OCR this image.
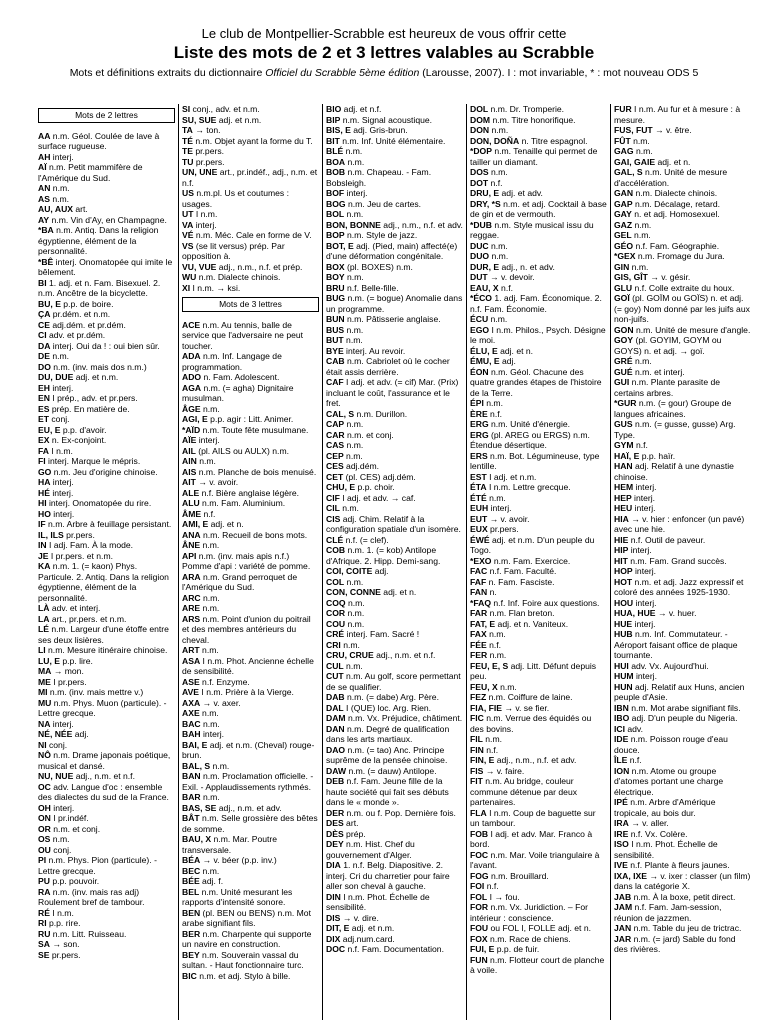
Le club de Montpellier-Scrabble est heureux de vous offrir cette
Liste des mots de 2 et 3 lettres valables au Scrabble
Mots et définitions extraits du dictionnaire Officiel du Scrabble 5ème édition (Larousse, 2007). I : mot invariable, * : mot nouveau ODS 5
Mots de 2 lettres
AA n.m. Géol. Coulée de lave à surface rugueuse.
AH interj.
AÏ n.m. Petit mammifère de l'Amérique du Sud.
AN n.m.
AS n.m.
AU, AUX art.
AY n.m. Vin d'Ay, en Champagne.
*BA n.m. Antiq. Dans la religion égyptienne, élément de la personnalité.
*BÊ interj. Onomatopée qui imite le bêlement.
BI 1. adj. et n. Fam. Bisexuel. 2. n.m. Ancêtre de la bicyclette.
BU, E p.p. de boire.
ÇA pr.dém. et n.m.
CE adj.dém. et pr.dém.
CI adv. et pr.dém.
DA interj. Oui da ! : oui bien sûr.
DE n.m.
DO n.m. (inv. mais dos n.m.)
DU, DUE adj. et n.m.
EH interj.
EN I prép., adv. et pr.pers.
ES prép. En matière de.
ET conj.
EU, E p.p. d'avoir.
EX n. Ex-conjoint.
FA I n.m.
FI interj. Marque le mépris.
GO n.m. Jeu d'origine chinoise.
HA interj.
HÉ interj.
HI interj. Onomatopée du rire.
HO interj.
IF n.m. Arbre à feuillage persistant.
IL, ILS pr.pers.
IN I adj. Fam. À la mode.
JE I pr.pers. et n.m.
KA n.m. 1. (= kaon) Phys. Particule. 2. Antiq. Dans la religion égyptienne, élément de la personnalité.
LÀ adv. et interj.
LA art., pr.pers. et n.m.
LÉ n.m. Largeur d'une étoffe entre ses deux lisières.
LI n.m. Mesure itinéraire chinoise.
LU, E p.p. lire.
MA → mon.
ME I pr.pers.
MI n.m. (inv. mais mettre v.)
MU n.m. Phys. Muon (particule). - Lettre grecque.
NA interj.
NÉ, NÉE adj.
NI conj.
NÔ n.m. Drame japonais poétique, musical et dansé.
NU, NUE adj., n.m. et n.f.
OC adv. Langue d'oc : ensemble des dialectes du sud de la France.
OH interj.
ON I pr.indéf.
OR n.m. et conj.
OS n.m.
OU conj.
PI n.m. Phys. Pion (particule). - Lettre grecque.
PU p.p. pouvoir.
RA n.m. (inv. mais ras adj) Roulement bref de tambour.
RÉ I n.m.
RI p.p. rire.
RU n.m. Litt. Ruisseau.
SA → son.
SE pr.pers.
SI conj., adv. et n.m.
SU, SUE adj. et n.m.
TA → ton.
TÉ n.m. Objet ayant la forme du T.
TE pr.pers.
TU pr.pers.
UN, UNE art., pr.indéf., adj., n.m. et n.f.
US n.m.pl. Us et coutumes : usages.
UT I n.m.
VA interj.
VÉ n.m. Méc. Cale en forme de V.
VS (se lit versus) prép. Par opposition à.
VU, VUE adj., n.m., n.f. et prép.
WU n.m. Dialecte chinois.
XI I n.m. → ksi.
Mots de 3 lettres
ACE n.m. Au tennis, balle de service que l'adversaire ne peut toucher.
ADA n.m. Inf. Langage de programmation.
ADO n. Fam. Adolescent.
AGA n.m. (= agha) Dignitaire musulman.
ÂGE n.m.
AGI, E p.p. agir : Litt. Animer.
*AÏD n.m. Toute fête musulmane.
AÏE interj.
AIL (pl. AILS ou AULX) n.m.
AIN n.m.
AIS n.m. Planche de bois menuisé.
AIT → v. avoir.
ALE n.f. Bière anglaise légère.
ALU n.m. Fam. Aluminium.
ÂME n.f.
AMI, E adj. et n.
ANA n.m. Recueil de bons mots.
ÂNE n.m.
API n.m. (inv. mais apis n.f.) Pomme d'api : variété de pomme.
ARA n.m. Grand perroquet de l'Amérique du Sud.
ARC n.m.
ARE n.m.
ARS n.m. Point d'union du poitrail et des membres antérieurs du cheval.
ART n.m.
ASA I n.m. Phot. Ancienne échelle de sensibilité.
ASE n.f. Enzyme.
AVE I n.m. Prière à la Vierge.
AXA → v. axer.
AXE n.m.
BAC n.m.
BAH interj.
BAI, E adj. et n.m. (Cheval) rouge-brun.
BAL, S n.m.
BAN n.m. Proclamation officielle. - Exil. - Applaudissements rythmés.
BAR n.m.
BAS, SE adj., n.m. et adv.
BÂT n.m. Selle grossière des bêtes de somme.
BAU, X n.m. Mar. Poutre transversale.
BÉA → v. béer (p.p. inv.)
BEC n.m.
BÉE adj. f.
BEL n.m. Unité mesurant les rapports d'intensité sonore.
BEN (pl. BEN ou BENS) n.m. Mot arabe signifiant fils.
BER n.m. Charpente qui supporte un navire en construction.
BEY n.m. Souverain vassal du sultan. - Haut fonctionnaire turc.
BIC n.m. et adj. Stylo à bille.
BIO adj. et n.f.
BIP n.m. Signal acoustique.
BIS, E adj. Gris-brun.
BIT n.m. Inf. Unité élémentaire.
BLÉ n.m.
BOA n.m.
BOB n.m. Chapeau. - Fam. Bobsleigh.
BOF interj.
BOG n.m. Jeu de cartes.
BOL n.m.
BON, BONNE adj., n.m., n.f. et adv.
BOP n.m. Style de jazz.
BOT, E adj. (Pied, main) affecté(e) d'une déformation congénitale.
BOX (pl. BOXES) n.m.
BOY n.m.
BRU n.f. Belle-fille.
BUG n.m. (= bogue) Anomalie dans un programme.
BUN n.m. Pâtisserie anglaise.
BUS n.m.
BUT n.m.
BYE interj. Au revoir.
CAB n.m. Cabriolet où le cocher était assis derrière.
CAF I adj. et adv. (= cif) Mar. (Prix) incluant le coût, l'assurance et le fret.
CAL, S n.m. Durillon.
CAP n.m.
CAR n.m. et conj.
CAS n.m.
CEP n.m.
CES adj.dém.
CET (pl. CES) adj.dém.
CHU, E p.p. choir.
CIF I adj. et adv. → caf.
CIL n.m.
CIS adj. Chim. Relatif à la configuration spatiale d'un isomère.
CLÉ n.f. (= clef).
COB n.m. 1. (= kob) Antilope d'Afrique. 2. Hipp. Demi-sang.
COI, COITE adj.
COL n.m.
CON, CONNE adj. et n.
COQ n.m.
COR n.m.
COU n.m.
CRÉ interj. Fam. Sacré !
CRI n.m.
CRU, CRUE adj., n.m. et n.f.
CUL n.m.
CUT n.m. Au golf, score permettant de se qualifier.
DAB n.m. (= dabe) Arg. Père.
DAL I (QUE) loc. Arg. Rien.
DAM n.m. Vx. Préjudice, châtiment.
DAN n.m. Degré de qualification dans les arts martiaux.
DAO n.m. (= tao) Anc. Principe suprême de la pensée chinoise.
DAW n.m. (= dauw) Antilope.
DEB n.f. Fam. Jeune fille de la haute société qui fait ses débuts dans le « monde ».
DER n.m. ou f. Pop. Dernière fois.
DES art.
DÈS prép.
DEY n.m. Hist. Chef du gouvernement d'Alger.
DIA 1. n.f. Belg. Diapositive. 2. interj. Cri du charretier pour faire aller son cheval à gauche.
DIN I n.m. Phot. Échelle de sensibilité.
DIS → v. dire.
DIT, E adj. et n.m.
DIX adj.num.card.
DOC n.f. Fam. Documentation.
DOL n.m. Dr. Tromperie.
DOM n.m. Titre honorifique.
DON n.m.
DON, DOÑA n. Titre espagnol.
*DOP n.m. Tenaille qui permet de tailler un diamant.
DOS n.m.
DOT n.f.
DRU, E adj. et adv.
DRY, *S n.m. et adj. Cocktail à base de gin et de vermouth.
*DUB n.m. Style musical issu du reggae.
DUC n.m.
DUO n.m.
DUR, E adj., n. et adv.
DUT → v. devoir.
EAU, X n.f.
*ÉCO 1. adj. Fam. Économique. 2. n.f. Fam. Économie.
ÉCU n.m.
EGO I n.m. Philos., Psych. Désigne le moi.
ÉLU, E adj. et n.
ÉMU, E adj.
ÉON n.m. Géol. Chacune des quatre grandes étapes de l'histoire de la Terre.
ÉPI n.m.
ÈRE n.f.
ERG n.m. Unité d'énergie.
ERG (pl. AREG ou ERGS) n.m. Étendue désertique.
ERS n.m. Bot. Légumineuse, type lentille.
EST I adj. et n.m.
ÉTA I n.m. Lettre grecque.
ÉTÉ n.m.
EUH interj.
EUT → v. avoir.
EUX pr.pers.
ÉWÉ adj. et n.m. D'un peuple du Togo.
*EXO n.m. Fam. Exercice.
FAC n.f. Fam. Faculté.
FAF n. Fam. Fasciste.
FAN n.
*FAQ n.f. Inf. Foire aux questions.
FAR n.m. Flan breton.
FAT, E adj. et n. Vaniteux.
FAX n.m.
FÉE n.f.
FER n.m.
FEU, E, S adj. Litt. Défunt depuis peu.
FEU, X n.m.
FEZ n.m. Coiffure de laine.
FIA, FIE → v. se fier.
FIC n.m. Verrue des équidés ou des bovins.
FIL n.m.
FIN n.f.
FIN, E adj., n.m., n.f. et adv.
FIS → v. faire.
FIT n.m. Au bridge, couleur commune détenue par deux partenaires.
FLA I n.m. Coup de baguette sur un tambour.
FOB I adj. et adv. Mar. Franco à bord.
FOC n.m. Mar. Voile triangulaire à l'avant.
FOG n.m. Brouillard.
FOI n.f.
FOL I → fou.
FOR n.m. Vx. Juridiction. – For intérieur : conscience.
FOU ou FOL I, FOLLE adj. et n.
FOX n.m. Race de chiens.
FUI, E p.p. de fuir.
FUN n.m. Flotteur court de planche à voile.
FUR I n.m. Au fur et à mesure : à mesure.
FUS, FUT → v. être.
FÛT n.m.
GAG n.m.
GAI, GAIE adj. et n.
GAL, S n.m. Unité de mesure d'accélération.
GAN n.m. Dialecte chinois.
GAP n.m. Décalage, retard.
GAY n. et adj. Homosexuel.
GAZ n.m.
GEL n.m.
GÉO n.f. Fam. Géographie.
*GEX n.m. Fromage du Jura.
GIN n.m.
GIS, GÎT → v. gésir.
GLU n.f. Colle extraite du houx.
GOÏ (pl. GOÏM ou GOÏS) n. et adj. (= goy) Nom donné par les juifs aux non-juifs.
GON n.m. Unité de mesure d'angle.
GOY (pl. GOYIM, GOYM ou GOYS) n. et adj. → goï.
GRÉ n.m.
GUÉ n.m. et interj.
GUI n.m. Plante parasite de certains arbres.
*GUR n.m. (= gour) Groupe de langues africaines.
GUS n.m. (= gusse, gusse) Arg. Type.
GYM n.f.
HAÏ, E p.p. haïr.
HAN adj. Relatif à une dynastie chinoise.
HEM interj.
HEP interj.
HEU interj.
HIA → v. hier : enfoncer (un pavé) avec une hie.
HIE n.f. Outil de paveur.
HIP interj.
HIT n.m. Fam. Grand succès.
HOP interj.
HOT n.m. et adj. Jazz expressif et coloré des années 1925-1930.
HOU interj.
HUA, HUE → v. huer.
HUE interj.
HUB n.m. Inf. Commutateur. - Aéroport faisant office de plaque tournante.
HUI adv. Vx. Aujourd'hui.
HUM interj.
HUN adj. Relatif aux Huns, ancien peuple d'Asie.
IBN n.m. Mot arabe signifiant fils.
IBO adj. D'un peuple du Nigeria.
ICI adv.
IDE n.m. Poisson rouge d'eau douce.
ÎLE n.f.
ION n.m. Atome ou groupe d'atomes portant une charge électrique.
IPÉ n.m. Arbre d'Amérique tropicale, au bois dur.
IRA → v. aller.
IRE n.f. Vx. Colère.
ISO I n.m. Phot. Échelle de sensibilité.
IVE n.f. Plante à fleurs jaunes.
IXA, IXE → v. ixer : classer (un film) dans la catégorie X.
JAB n.m. À la boxe, petit direct.
JAM n.f. Fam. Jam-session, réunion de jazzmen.
JAN n.m. Table du jeu de trictrac.
JAR n.m. (= jard) Sable du fond des rivières.
